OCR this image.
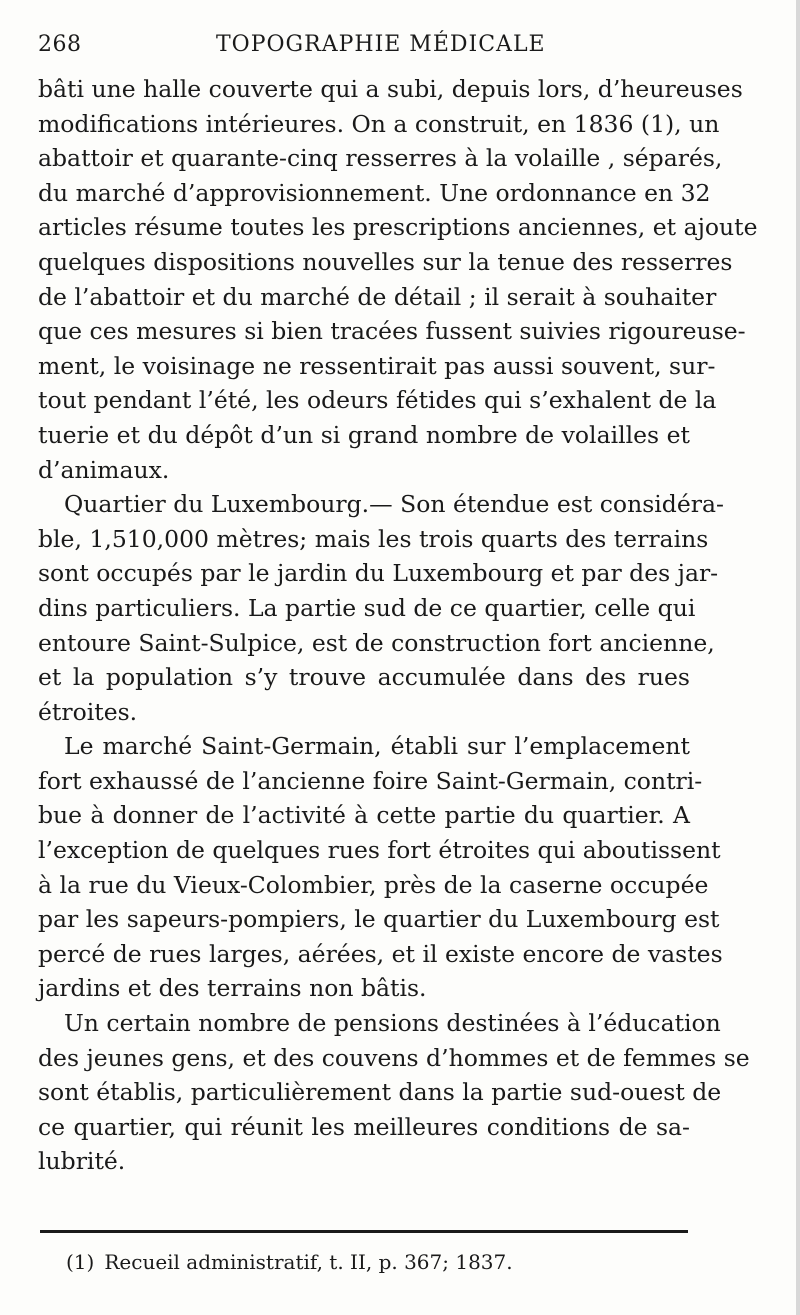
268	TOPOGRAPHIE MÉDICALE
bâti une halle couverte qui a subi, depuis lors, d’heureuses
modifications intérieures. On a construit, en 1836 (1), un
abattoir et quarante-cinq resserres à la volaille , séparés,
du marché d’approvisionnement. Une ordonnance en 32
articles résume toutes les prescriptions anciennes, et ajoute
quelques dispositions nouvelles sur la tenue des resserres
de l’abattoir et du marché de détail ; il serait à souhaiter
que ces mesures si bien tracées fussent suivies rigoureuse-
ment, le voisinage ne ressentirait pas aussi souvent, sur-
tout pendant l’été, les odeurs fétides qui s’exhalent de la
tuerie et du dépôt d’un si grand nombre de volailles et
d’animaux.
Quartier du Luxembourg.— Son étendue est considéra-
ble, 1,510,000 mètres; mais les trois quarts des terrains
sont occupés par le jardin du Luxembourg et par des jar-
dins particuliers. La partie sud de ce quartier, celle qui
entoure Saint-Sulpice, est de construction fort ancienne,
et la population s’y trouve accumulée dans des rues
étroites.
Le marché Saint-Germain, établi sur l’emplacement
fort exhaussé de l’ancienne foire Saint-Germain, contri-
bue à donner de l’activité à cette partie du quartier. A
l’exception de quelques rues fort étroites qui aboutissent
à la rue du Vieux-Colombier, près de la caserne occupée
par les sapeurs-pompiers, le quartier du Luxembourg est
percé de rues larges, aérées, et il existe encore de vastes
jardins et des terrains non bâtis.
Un certain nombre de pensions destinées à l’éducation
des jeunes gens, et des couvens d’hommes et de femmes se
sont établis, particulièrement dans la partie sud-ouest de
ce quartier, qui réunit les meilleures conditions de sa-
lubrité.
(1) Recueil administratif, t. II, p. 367; 1837.
